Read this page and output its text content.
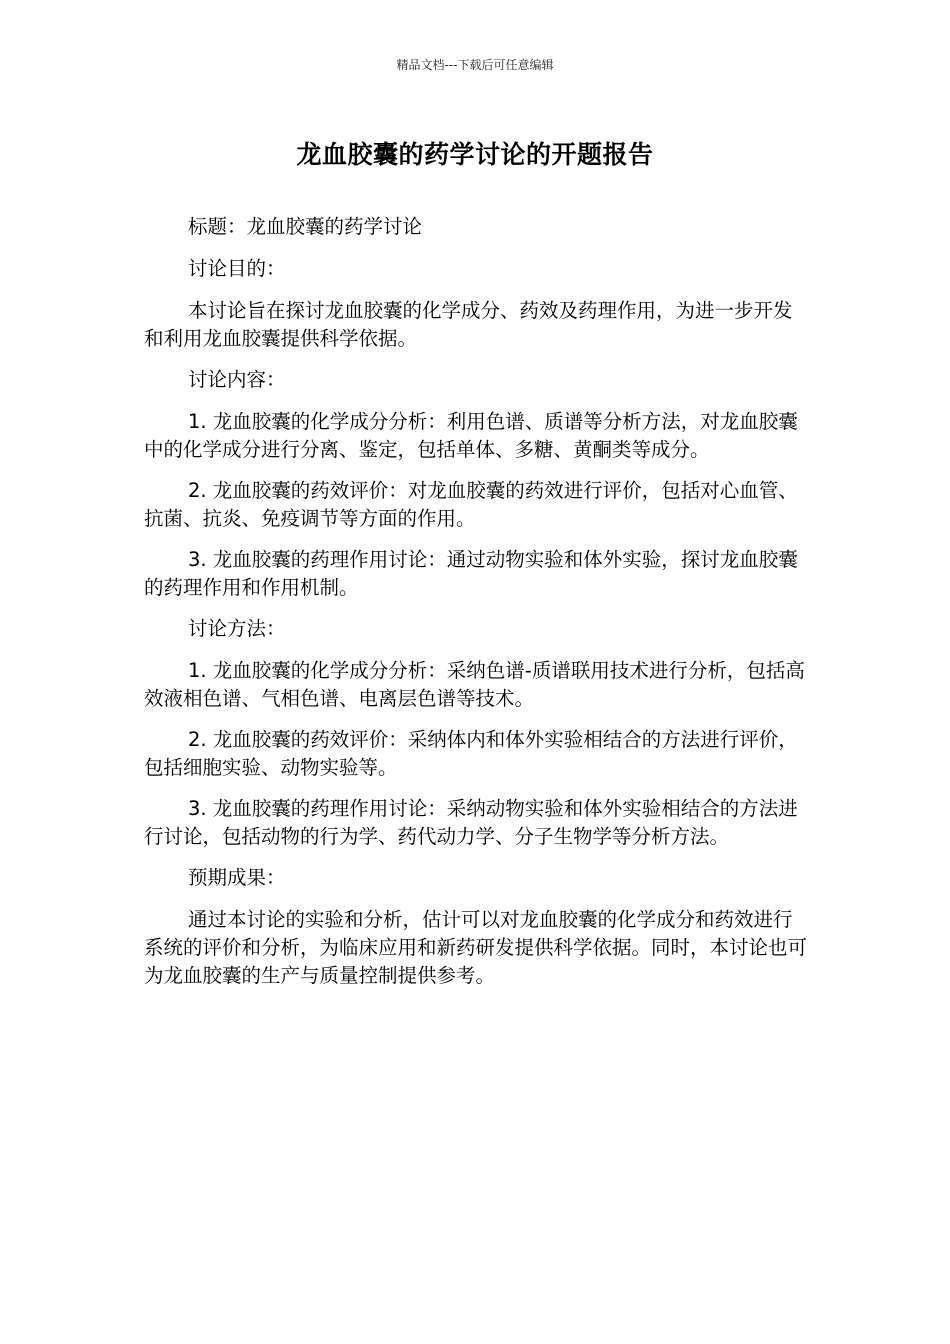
精品文档---下载后可任意编辑
龙血胶囊的药学讨论的开题报告

标题：龙血胶囊的药学讨论

讨论目的：

本讨论旨在探讨龙血胶囊的化学成分、药效及药理作用，为进一步开发和利用龙血胶囊提供科学依据。

讨论内容：

1. 龙血胶囊的化学成分分析：利用色谱、质谱等分析方法，对龙血胶囊中的化学成分进行分离、鉴定，包括单体、多糖、黄酮类等成分。

2. 龙血胶囊的药效评价：对龙血胶囊的药效进行评价，包括对心血管、抗菌、抗炎、免疫调节等方面的作用。

3. 龙血胶囊的药理作用讨论：通过动物实验和体外实验，探讨龙血胶囊的药理作用和作用机制。

讨论方法：

1. 龙血胶囊的化学成分分析：采纳色谱-质谱联用技术进行分析，包括高效液相色谱、气相色谱、电离层色谱等技术。

2. 龙血胶囊的药效评价：采纳体内和体外实验相结合的方法进行评价，包括细胞实验、动物实验等。

3. 龙血胶囊的药理作用讨论：采纳动物实验和体外实验相结合的方法进行讨论，包括动物的行为学、药代动力学、分子生物学等分析方法。

预期成果：

通过本讨论的实验和分析，估计可以对龙血胶囊的化学成分和药效进行系统的评价和分析，为临床应用和新药研发提供科学依据。同时，本讨论也可为龙血胶囊的生产与质量控制提供参考。
